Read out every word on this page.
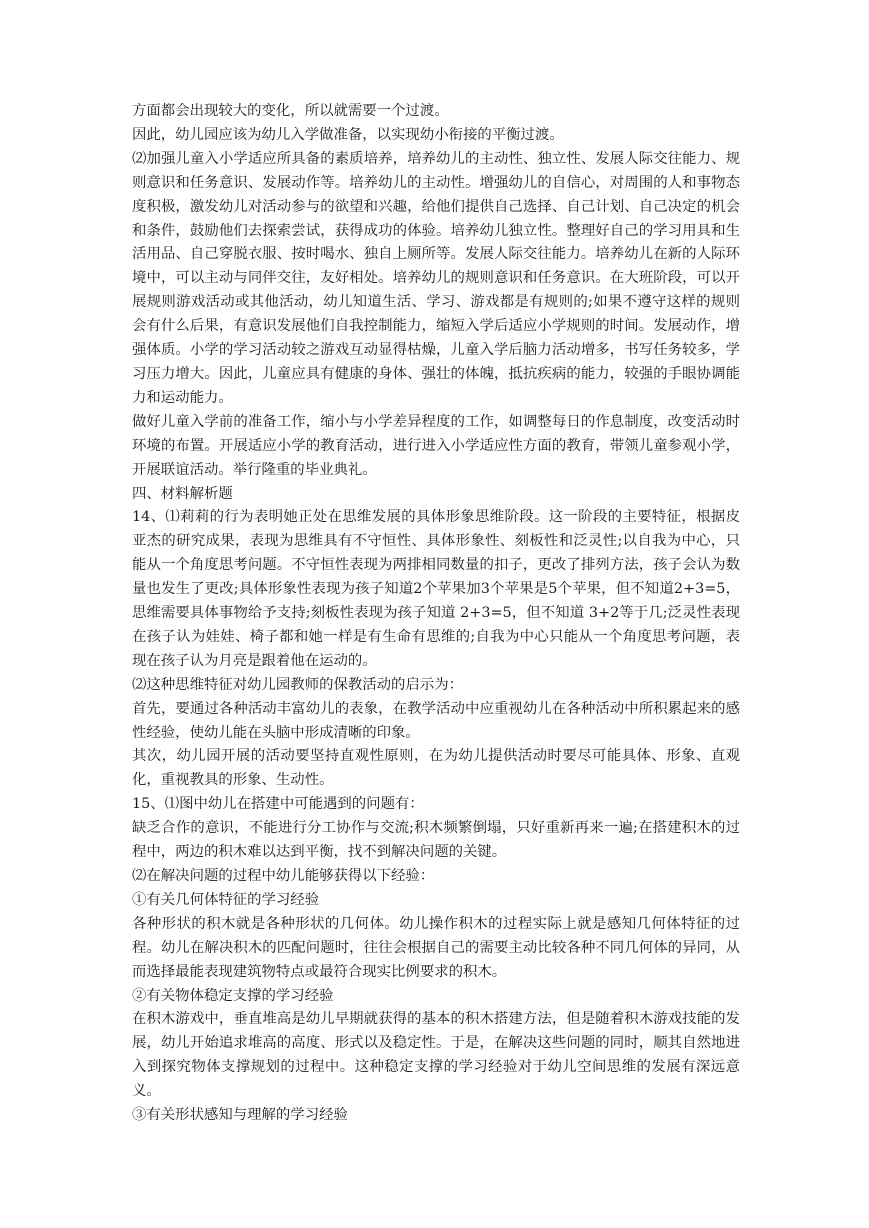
方面都会出现较大的变化，所以就需要一个过渡。

因此，幼儿园应该为幼儿入学做准备，以实现幼小衔接的平衡过渡。

⑵加强儿童入小学适应所具备的素质培养，培养幼儿的主动性、独立性、发展人际交往能力、规则意识和任务意识、发展动作等。培养幼儿的主动性。增强幼儿的自信心，对周围的人和事物态度积极，激发幼儿对活动参与的欲望和兴趣，给他们提供自己选择、自己计划、自己决定的机会和条件，鼓励他们去探索尝试，获得成功的体验。培养幼儿独立性。整理好自己的学习用具和生活用品、自己穿脱衣服、按时喝水、独自上厕所等。发展人际交往能力。培养幼儿在新的人际环境中，可以主动与同伴交往，友好相处。培养幼儿的规则意识和任务意识。在大班阶段，可以开展规则游戏活动或其他活动，幼儿知道生活、学习、游戏都是有规则的;如果不遵守这样的规则会有什么后果，有意识发展他们自我控制能力，缩短入学后适应小学规则的时间。发展动作，增强体质。小学的学习活动较之游戏互动显得枯燥，儿童入学后脑力活动增多，书写任务较多，学习压力增大。因此，儿童应具有健康的身体、强壮的体魄，抵抗疾病的能力，较强的手眼协调能力和运动能力。

做好儿童入学前的准备工作，缩小与小学差异程度的工作，如调整每日的作息制度，改变活动时环境的布置。开展适应小学的教育活动，进行进入小学适应性方面的教育，带领儿童参观小学，开展联谊活动。举行隆重的毕业典礼。

四、材料解析题

14、⑴莉莉的行为表明她正处在思维发展的具体形象思维阶段。这一阶段的主要特征，根据皮亚杰的研究成果，表现为思维具有不守恒性、具体形象性、刻板性和泛灵性;以自我为中心，只能从一个角度思考问题。不守恒性表现为两排相同数量的扣子，更改了排列方法，孩子会认为数量也发生了更改;具体形象性表现为孩子知道2个苹果加3个苹果是5个苹果，但不知道2+3=5，思维需要具体事物给予支持;刻板性表现为孩子知道 2+3=5，但不知道 3+2等于几;泛灵性表现在孩子认为娃娃、椅子都和她一样是有生命有思维的;自我为中心只能从一个角度思考问题，表现在孩子认为月亮是跟着他在运动的。

⑵这种思维特征对幼儿园教师的保教活动的启示为：

首先，要通过各种活动丰富幼儿的表象，在教学活动中应重视幼儿在各种活动中所积累起来的感性经验，使幼儿能在头脑中形成清晰的印象。

其次，幼儿园开展的活动要坚持直观性原则，在为幼儿提供活动时要尽可能具体、形象、直观化，重视教具的形象、生动性。

15、⑴图中幼儿在搭建中可能遇到的问题有：

缺乏合作的意识，不能进行分工协作与交流;积木频繁倒塌，只好重新再来一遍;在搭建积木的过程中，两边的积木难以达到平衡，找不到解决问题的关键。

⑵在解决问题的过程中幼儿能够获得以下经验：

①有关几何体特征的学习经验

各种形状的积木就是各种形状的几何体。幼儿操作积木的过程实际上就是感知几何体特征的过程。幼儿在解决积木的匹配问题时，往往会根据自己的需要主动比较各种不同几何体的异同，从而选择最能表现建筑物特点或最符合现实比例要求的积木。

②有关物体稳定支撑的学习经验

在积木游戏中，垂直堆高是幼儿早期就获得的基本的积木搭建方法，但是随着积木游戏技能的发展，幼儿开始追求堆高的高度、形式以及稳定性。于是，在解决这些问题的同时，顺其自然地进入到探究物体支撑规划的过程中。这种稳定支撑的学习经验对于幼儿空间思维的发展有深远意义。

③有关形状感知与理解的学习经验
